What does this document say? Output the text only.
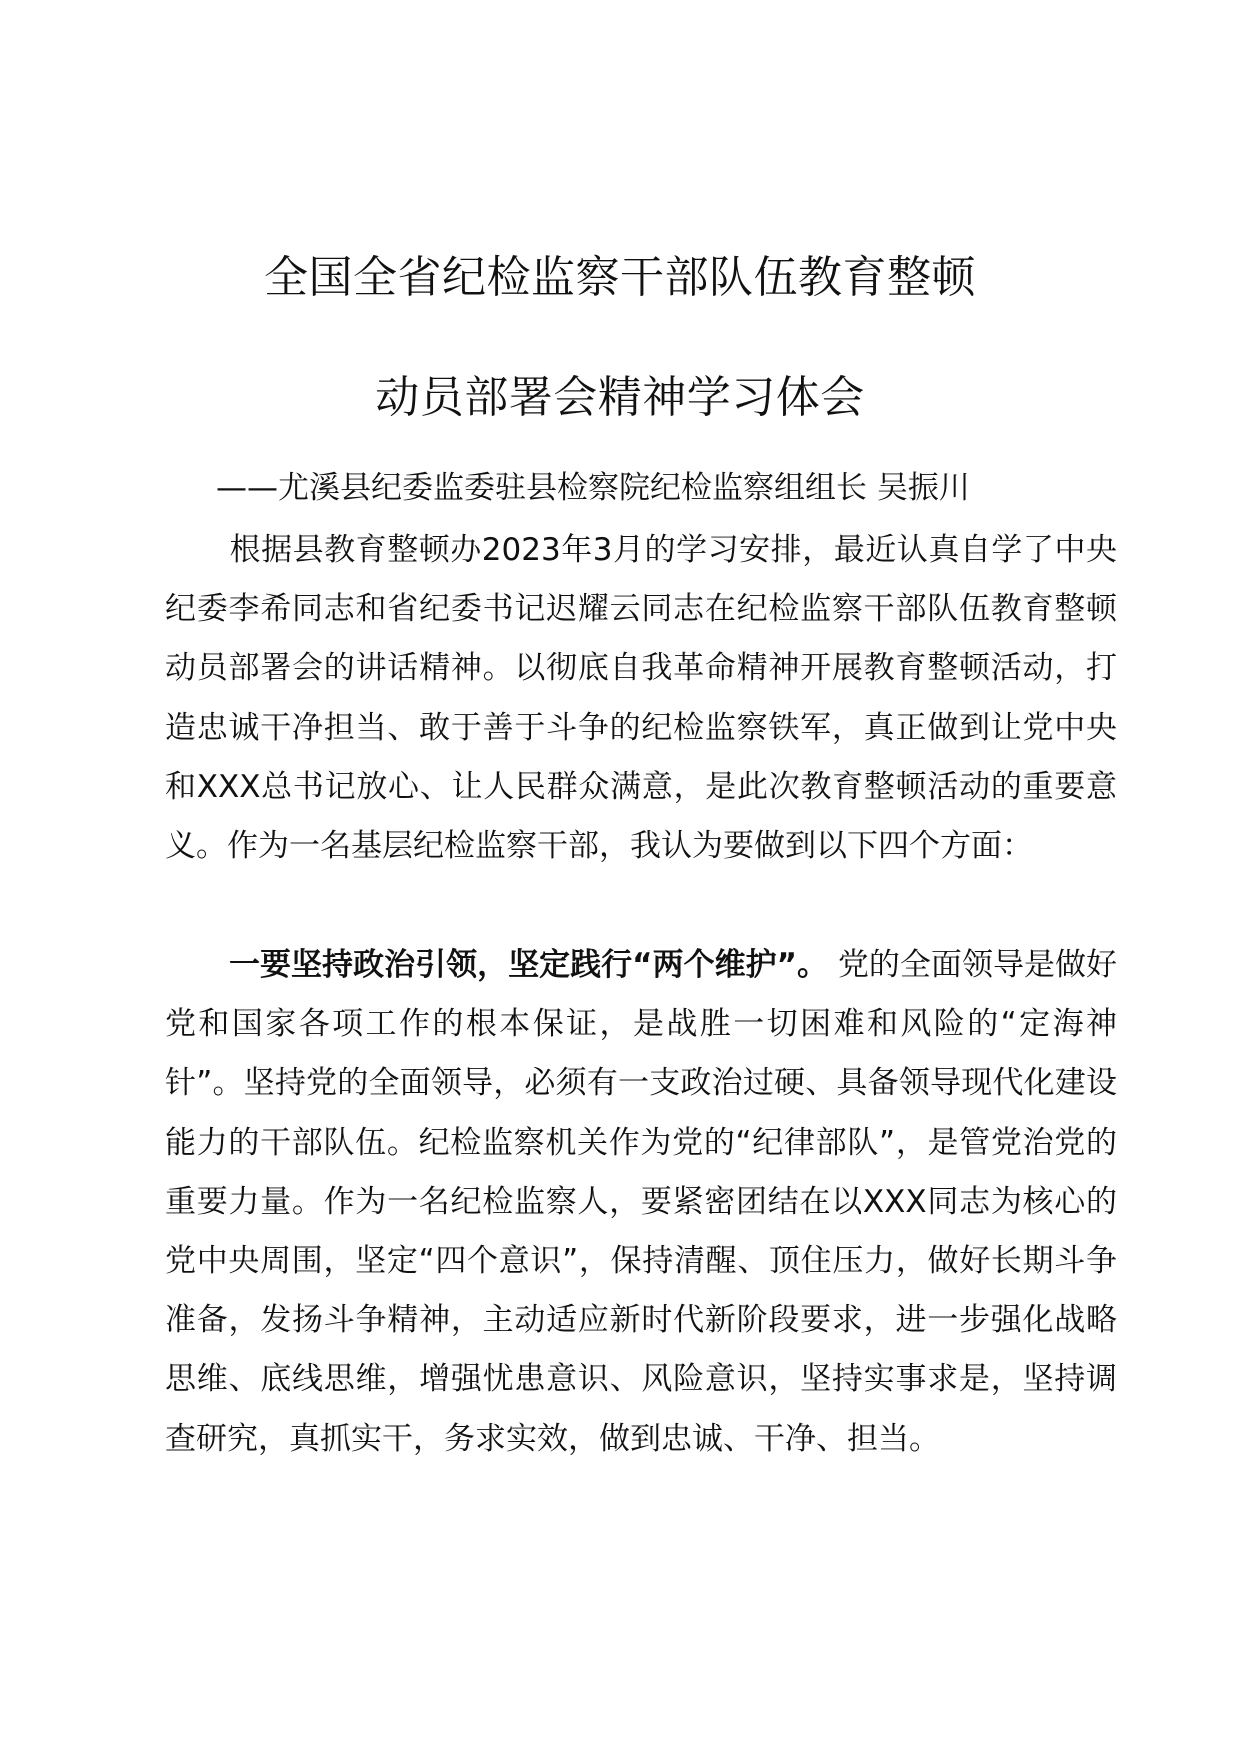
全国全省纪检监察干部队伍教育整顿
动员部署会精神学习体会
——尤溪县纪委监委驻县检察院纪检监察组组长 吴振川
根据县教育整顿办2023年3月的学习安排，最近认真自学了中央纪委李希同志和省纪委书记迟耀云同志在纪检监察干部队伍教育整顿动员部署会的讲话精神。以彻底自我革命精神开展教育整顿活动，打造忠诚干净担当、敢于善于斗争的纪检监察铁军，真正做到让党中央和XXX总书记放心、让人民群众满意，是此次教育整顿活动的重要意义。作为一名基层纪检监察干部，我认为要做到以下四个方面：
一要坚持政治引领，坚定践行“两个维护”。 党的全面领导是做好党和国家各项工作的根本保证，是战胜一切困难和风险的“定海神针”。坚持党的全面领导，必须有一支政治过硬、具备领导现代化建设能力的干部队伍。纪检监察机关作为党的“纪律部队”，是管党治党的重要力量。作为一名纪检监察人，要紧密团结在以XXX同志为核心的党中央周围，坚定“四个意识”，保持清醒、顶住压力，做好长期斗争准备，发扬斗争精神，主动适应新时代新阶段要求，进一步强化战略思维、底线思维，增强忧患意识、风险意识，坚持实事求是，坚持调查研究，真抓实干，务求实效，做到忠诚、干净、担当。
